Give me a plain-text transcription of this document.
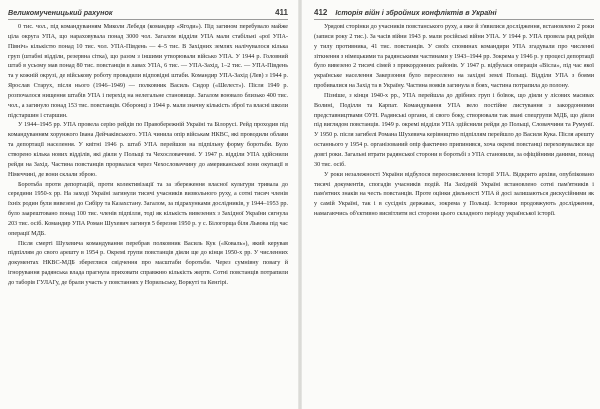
Великомученицький рахунок	411

0 тис. чол., під командуванням Миколи Лебедя (командир «Ягоди»). Під загином перебувало майже ціла округа УПА, що нараховувала понад 3000 чол. Загалом відділи УПА мали стабільні «рої УПА-Північ» кількістю понад 10 тис. чол. УПА-Південь — 4–5 тис. В Західних землях налічувалося кілька груп (штабні відділи, резервна сітка), що разом з іншими утворювали військо УПА. У 1944 р. Головний штаб в усьому мав понад 80 тис. повстанців в лавах УПА, 6 тис. — УПА-Захід, 1–2 тис. — УПА-Південь та у кожній окрузі, де військову роботу провадили відповідні штаби. Командир УПА-Захід (Лев) з 1944 р. Ярослав Старух, після нього (1946–1949) — полковник Василь Сидор («Шелест»). Після 1949 р. розпочалося нищення штабів УПА і перехід на нелегальне становище. Загалом воювало близько 400 тис. чол., а загинуло понад 153 тис. повстанців. Оборонці з 1944 р. мали значну кількість зброї та власні школи підстаршин і старшин.

У 1944–1945 рр. УПА провела серію рейдів по Правобережній Україні та Білорусі. Рейд проходив під командуванням хорунжого Івана Дейчаківського. УПА чинила опір військам НКВС, які проводили облави та депортації населення. У квітні 1946 р. штаб УПА перейшов на підпільну форму боротьби. Було створено кілька нових відділів, які діяли у Польщі та Чехословаччині. У 1947 р. відділи УПА здійснили рейди на Захід. Частина повстанців прорвалася через Чехословаччину до американської зони окупації в Німеччині, де вони склали зброю.

Боротьба проти депортацій, проти колективізації та за збереження власної культури тривала до середини 1950-х рр. На заході Україні загинули тисячі учасників визвольного руху, а сотні тисяч членів їхніх родин були вивезені до Сибіру та Казахстану. Загалом, за підрахунками дослідників, у 1944–1953 рр. було заарештовано понад 100 тис. членів підпілля, тоді як кількість вивезених з Західної України сягнула 203 тис. осіб. Командир УПА Роман Шухевич загинув 5 березня 1950 р. у с. Білогорща біля Львова під час операції МДБ.

Після смерті Шухевича командування перебрав полковник Василь Кук («Коваль»), який керував підпіллям до свого арешту в 1954 р. Окремі групи повстанців діяли ще до кінця 1950-х рр. У численних документах НКВС-МДБ збереглися свідчення про масштаби боротьби. Через сумнівну повагу й ігнорування радянська влада прагнула приховати справжню кількість жертв. Сотні повстанців потрапили до таборів ГУЛАГу, де брали участь у повстаннях у Норильську, Воркуті та Кенгірі.

412 Історія війн і збройних конфліктів в Україні

Урядові сторінки до учасників повстанського руху, а вже й з'явилися дослідження, встановлено 2 роки (записи року 2 тис.). За часів війни 1943 р. мали російські війни УПА. У 1944 р. УПА провела ряд рейдів у тилу противника, 41 тис. повстанців. У своїх споминах командири УПА згадували про численні зіткнення з німецькими та радянськими частинами у 1943–1944 рр. Зокрема у 1946 р. у процесі депортації було вивезено 2 тисячі сімей з прикордонних районів. У 1947 р. відбулася операція «Вісла», під час якої українське населення Закерзоння було переселено на західні землі Польщі. Відділи УПА з боями пробивалися на Захід та в Україну. Частина вояків загинула в боях, частина потрапила до полону.

Пізніше, з кінця 1940-х рр., УПА перейшла до дрібних груп і боївок, що діяли у лісових масивах Волині, Поділля та Карпат. Командування УПА вело постійне листування з закордонними представництвами ОУН. Радянські органи, зі свого боку, створювали так звані спецгрупи МДБ, що діяли під виглядом повстанців. 1949 р. окремі відділи УПА здійснили рейди до Польщі, Словаччини та Румунії. У 1950 р. після загибелі Романа Шухевича керівництво підпіллям перейшло до Василя Кука. Після арешту останнього у 1954 р. організований опір фактично припинився, хоча окремі повстанці переховувалися ще довгі роки. Загальні втрати радянської сторони в боротьбі з УПА становили, за офіційними даними, понад 30 тис. осіб.

У роки незалежності України відбулося переосмислення історії УПА. Відкрито архіви, опубліковано тисячі документів, спогадів учасників подій. На Західній Україні встановлено сотні пам'ятників і пам'ятних знаків на честь повстанців. Проте оцінки діяльності УПА й досі залишаються дискусійними як у самій Україні, так і в сусідніх державах, зокрема у Польщі. Історики продовжують дослідження, намагаючись об'єктивно висвітлити всі сторони цього складного періоду української історії.
